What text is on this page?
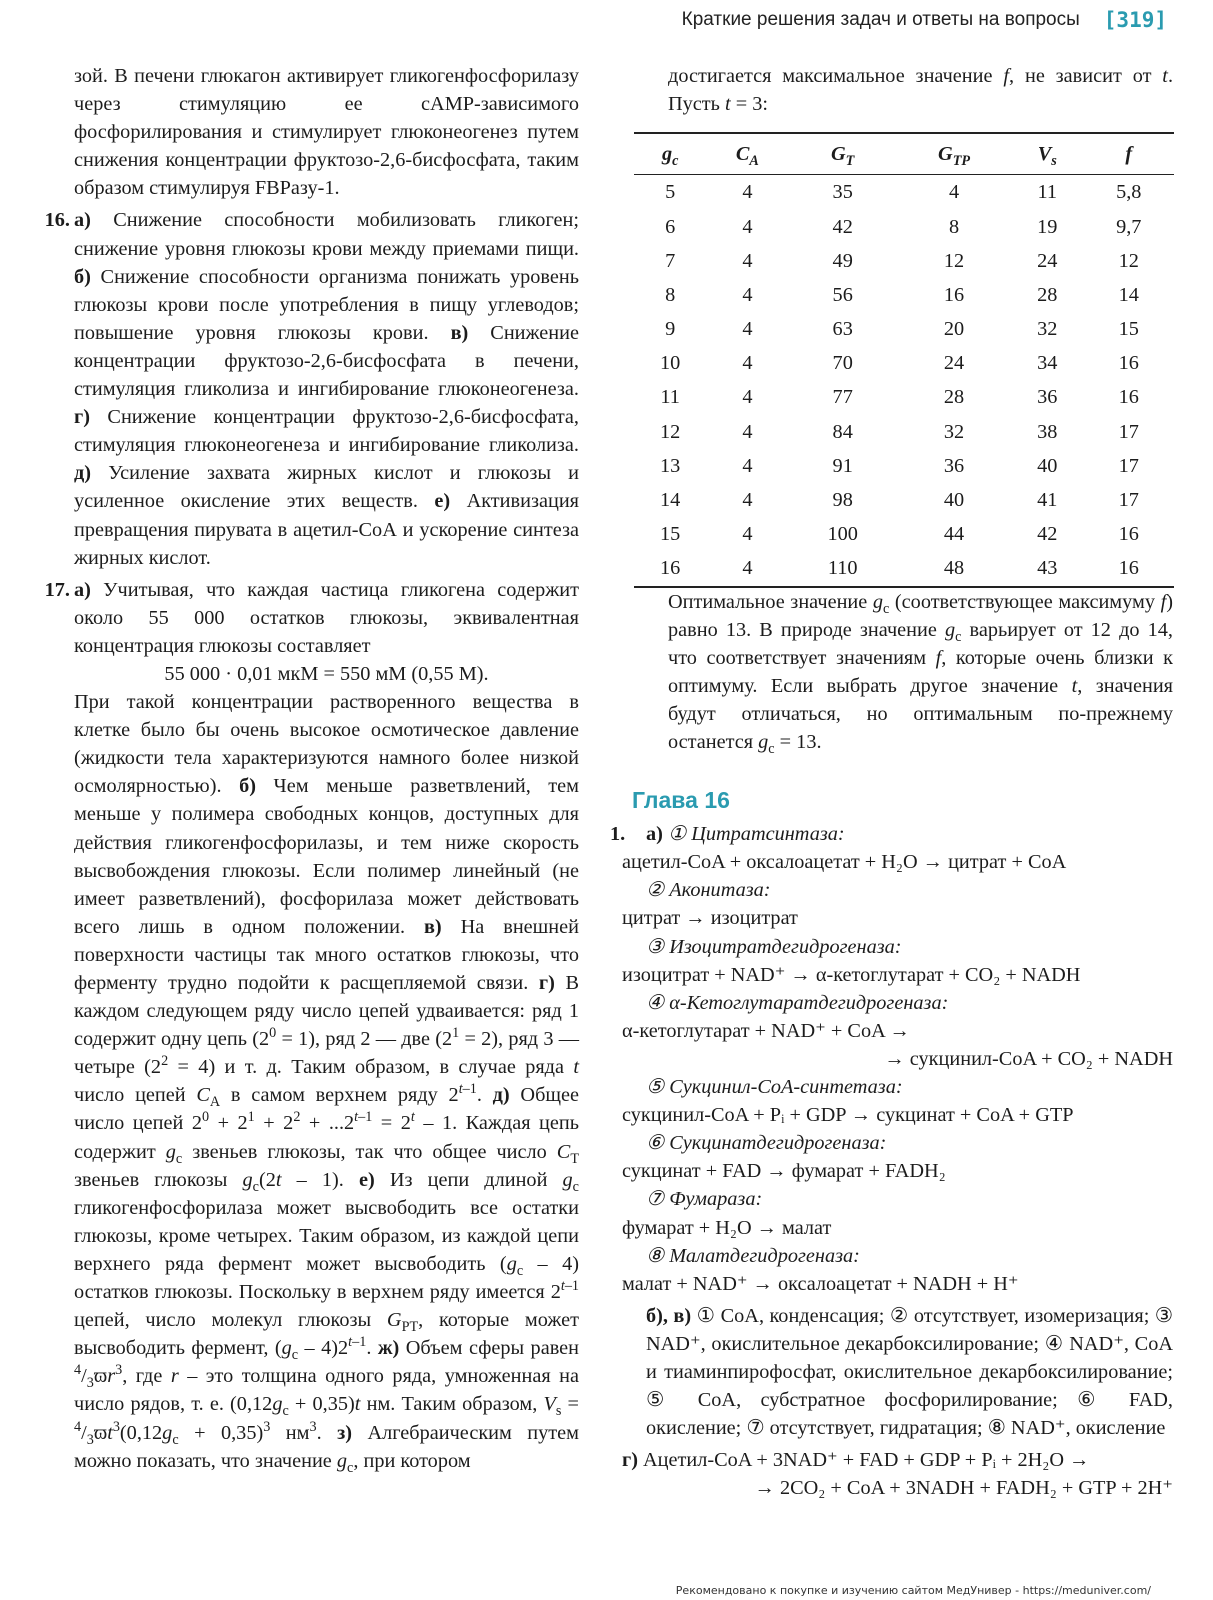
Краткие решения задач и ответы на вопросы [319]

зой. В печени глюкагон активирует гликогенфосфорилазу через стимуляцию ее сАМР-зависимого фосфорилирования и стимулирует глюконеогенез путем снижения концентрации фруктозо-2,6-бисфосфата, таким образом стимулируя FBPазу-1.

16. а) Снижение способности мобилизовать гликоген; снижение уровня глюкозы крови между приемами пищи. б) Снижение способности организма понижать уровень глюкозы крови после употребления в пищу углеводов; повышение уровня глюкозы крови. в) Снижение концентрации фруктозо-2,6-бисфосфата в печени, стимуляция гликолиза и ингибирование глюконеогенеза. г) Снижение концентрации фруктозо-2,6-бисфосфата, стимуляция глюконеогенеза и ингибирование гликолиза. д) Усиление захвата жирных кислот и глюкозы и усиленное окисление этих веществ. е) Активизация превращения пирувата в ацетил-СоА и ускорение синтеза жирных кислот.

17. а) Учитывая, что каждая частица гликогена содержит около 55 000 остатков глюкозы, эквивалентная концентрация глюкозы составляет

55 000 · 0,01 мкМ = 550 мМ (0,55 М).

При такой концентрации растворенного вещества в клетке было бы очень высокое осмотическое давление (жидкости тела характеризуются намного более низкой осмолярностью). б) Чем меньше разветвлений, тем меньше у полимера свободных концов, доступных для действия гликогенфосфорилазы, и тем ниже скорость высвобождения глюкозы. Если полимер линейный (не имеет разветвлений), фосфорилаза может действовать всего лишь в одном положении. в) На внешней поверхности частицы так много остатков глюкозы, что ферменту трудно подойти к расщепляемой связи. г) В каждом следующем ряду число цепей удваивается: ряд 1 содержит одну цепь $(2^0 = 1)$, ряд 2 — две $(2^1 = 2)$, ряд 3 — четыре $(2^2 = 4)$ и т. д. Таким образом, в случае ряда t число цепей $C_A$ в самом верхнем ряду 2$^{t-1}$. д) Общее число цепей $2^0 + 2^1 + 2^2 + ...2^{t-1} = 2^t - 1$. Каждая цепь содержит $g_c$ звеньев глюкозы, так что общее число $C_T$ звеньев глюкозы $g_c(2t - 1)$. е) Из цепи длиной $g_c$ гликогенфосфорилаза может высвободить все остатки глюкозы, кроме четырех. Таким образом, из каждой цепи верхнего ряда фермент может высвободить $(g_c - 4)$ остатков глюкозы. Поскольку в верхнем ряду имеется 2$^{t-1}$ цепей, число молекул глюкозы $G_{PT}$, которые может высвободить фермент, $(g_c - 4)2^{t-1}$. ж) Объем сферы равен $^4/_3ϖr^3$, где r – это толщина одного ряда, умноженная на число рядов, т. е. $(0,12g_c + 0,35)t$ нм. Таким образом, $V_s = ^4/_3ϖt^3(0,12g_c + 0,35)^3$ $нм^3$. з) Алгебраическим путем можно показать, что значение $g_c$, при котором

достигается максимальное значение f, не зависит от t. Пусть t = 3:

$g_c$	$C_A$	$G_T$	$G_{TP}$	$V_s$	f
5	4	35	4	11	5,8
6	4	42	8	19	9,7
7	4	49	12	24	12
8	4	56	16	28	14
9	4	63	20	32	15
10	4	70	24	34	16
11	4	77	28	36	16
12	4	84	32	38	17
13	4	91	36	40	17
14	4	98	40	41	17
15	4	100	44	42	16
16	4	110	48	43	16

Оптимальное значение $g_c$ (соответствующее максимуму f) равно 13. В природе значение $g_c$ варьирует от 12 до 14, что соответствует значениям f, которые очень близки к оптимуму. Если выбрать другое значение t, значения будут отличаться, но оптимальным по-прежнему останется $g_c = 13$.

Глава 16
1. а) ① Цитратсинтаза:
ацетил-CoA + оксалоацетат + H₂O → цитрат + CoA
② Аконитаза:
цитрат → изоцитрат
③ Изоцитратдегидрогеназа:
изоцитрат + NAD⁺ → α-кетоглутарат + CO₂ + NADH
④ α-Кетоглутаратдегидрогеназа:
α-кетоглутарат + NAD⁺ + CoA →
→ сукцинил-CoA + CO₂ + NADH
⑤ Сукцинил-CoA-синтетаза:
сукцинил-CoA + Pᵢ + GDP → сукцинат + CoA + GTP
⑥ Сукцинатдегидрогеназа:
сукцинат + FAD → фумарат + FADH₂
⑦ Фумараза:
фумарат + H₂O → малат
⑧ Малатдегидрогеназа:
малат + NAD⁺ → оксалоацетат + NADH + H⁺

б), в) ① CoA, конденсация; ② отсутствует, изомеризация; ③ NAD⁺, окислительное декарбоксилирование; ④ NAD⁺, CoA и тиаминпирофосфат, окислительное декарбоксилирование; ⑤ CoA, субстратное фосфорилирование; ⑥ FAD, окисление; ⑦ отсутствует, гидратация; ⑧ NAD⁺, окисление

г) Ацетил-CoA + 3NAD⁺ + FAD + GDP + Pᵢ + 2H₂O →
→ 2CO₂ + CoA + 3NADH + FADH₂ + GTP + 2H⁺
Рекомендовано к покупке и изучению сайтом МедУнивер - https://meduniver.com/
